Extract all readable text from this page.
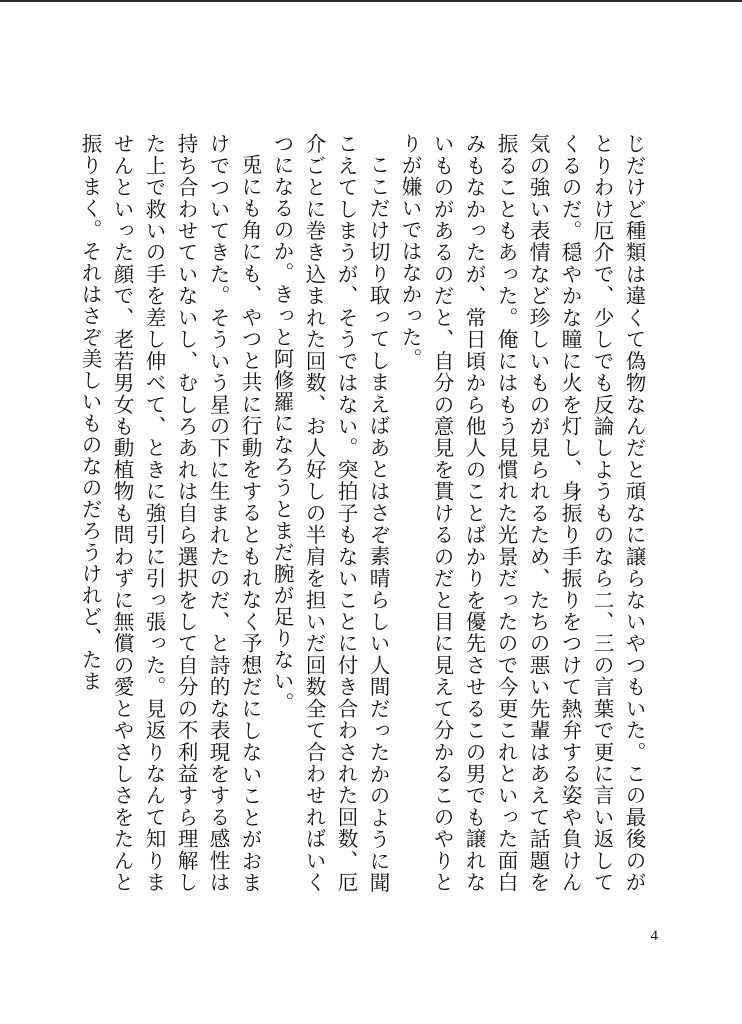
じだけど種類は違くて偽物なんだと頑なに譲らないやつもいた。この最後のがとりわけ厄介で、少しでも反論しようものなら二、三の言葉で更に言い返してくるのだ。穏やかな瞳に火を灯し、身振り手振りをつけて熱弁する姿や負けん気の強い表情など珍しいものが見られるため、たちの悪い先輩はあえて話題を振ることもあった。俺にはもう見慣れた光景だったので今更これといった面白みもなかったが、常日頃から他人のことばかりを優先させるこの男でも譲れないものがあるのだと、自分の意見を貫けるのだと目に見えて分かるこのやりとりが嫌いではなかった。

ここだけ切り取ってしまえばあとはさぞ素晴らしい人間だったかのように聞こえてしまうが、そうではない。突拍子もないことに付き合わされた回数、厄介ごとに巻き込まれた回数、お人好しの半肩を担いだ回数全て合わせればいくつになるのか。きっと阿修羅になろうとまだ腕が足りない。

兎にも角にも、やつと共に行動をするともれなく予想だにしないことがおまけでついてきた。そういう星の下に生まれたのだ、と詩的な表現をする感性は持ち合わせていないし、むしろあれは自ら選択をして自分の不利益すら理解した上で救いの手を差し伸べて、ときに強引に引っ張った。見返りなんて知りませんといった顔で、老若男女も動植物も問わずに無償の愛とやさしさをたんと振りまく。それはさぞ美しいものなのだろうけれど、たま

4
